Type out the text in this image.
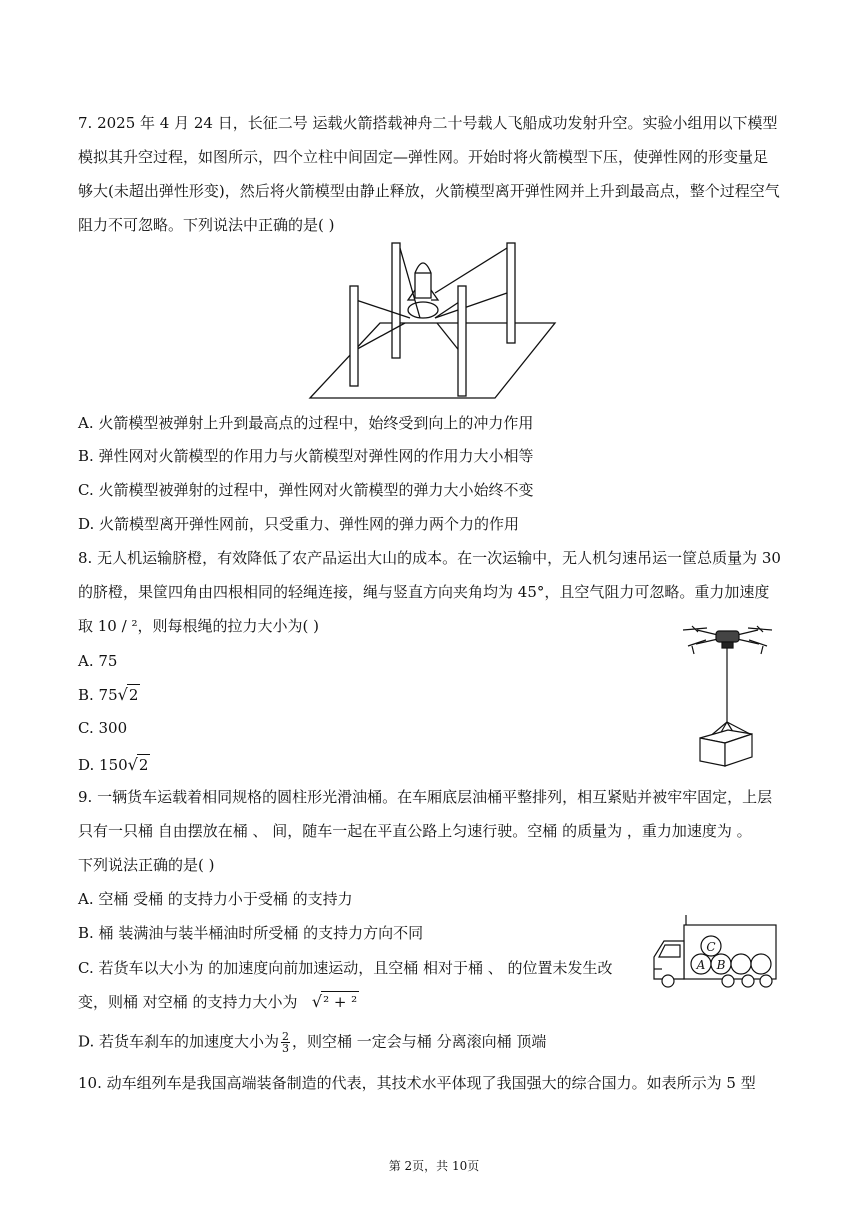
7. 2025 年 4 月 24 日，长征二号 运载火箭搭载神舟二十号载人飞船成功发射升空。实验小组用以下模型
模拟其升空过程，如图所示，四个立柱中间固定—弹性网。开始时将火箭模型下压，使弹性网的形变量足
够大(未超出弹性形变)，然后将火箭模型由静止释放，火箭模型离开弹性网并上升到最高点，整个过程空气
阻力不可忽略。下列说法中正确的是( )
A. 火箭模型被弹射上升到最高点的过程中，始终受到向上的冲力作用
B. 弹性网对火箭模型的作用力与火箭模型对弹性网的作用力大小相等
C. 火箭模型被弹射的过程中，弹性网对火箭模型的弹力大小始终不变
D. 火箭模型离开弹性网前，只受重力、弹性网的弹力两个力的作用
8. 无人机运输脐橙，有效降低了农产品运出大山的成本。在一次运输中，无人机匀速吊运一筐总质量为 30
的脐橙，果筐四角由四根相同的轻绳连接，绳与竖直方向夹角均为 45°，且空气阻力可忽略。重力加速度
取 10 / ²，则每根绳的拉力大小为( )
A. 75
B. 75√2
C. 300
D. 150√2
9. 一辆货车运载着相同规格的圆柱形光滑油桶。在车厢底层油桶平整排列，相互紧贴并被牢牢固定，上层
只有一只桶 自由摆放在桶 、 间，随车一起在平直公路上匀速行驶。空桶 的质量为 ，重力加速度为 。
下列说法正确的是( )
A. 空桶 受桶 的支持力小于受桶 的支持力
B. 桶 装满油与装半桶油时所受桶 的支持力方向不同
C. 若货车以大小为 的加速度向前加速运动，且空桶 相对于桶 、 的位置未发生改
变，则桶 对空桶 的支持力大小为 √² + ²
D. 若货车刹车的加速度大小为 $\frac{2}{3}$ ，则空桶 一定会与桶 分离滚向桶 顶端
A B
C
10. 动车组列车是我国高端装备制造的代表，其技术水平体现了我国强大的综合国力。如表所示为 5 型
第 2页，共 10页
